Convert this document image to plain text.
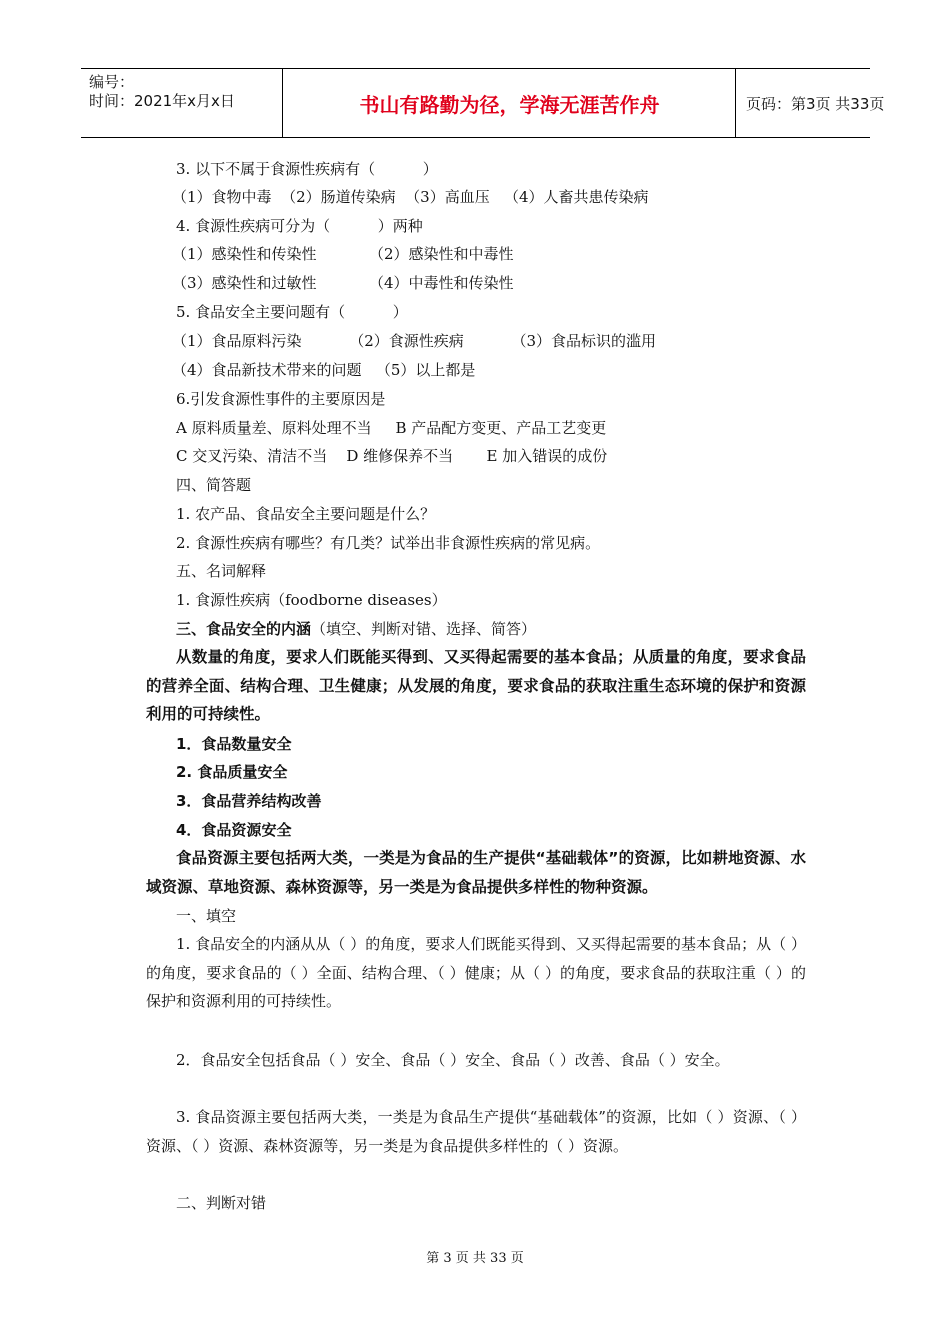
编号：
时间：2021年x月x日	书山有路勤为径，学海无涯苦作舟	页码：第3页 共33页
3. 以下不属于食源性疾病有（          ）
（1）食物中毒  （2）肠道传染病  （3）高血压   （4）人畜共患传染病
4. 食源性疾病可分为（          ）两种
（1）感染性和传染性           （2）感染性和中毒性
（3）感染性和过敏性           （4）中毒性和传染性
5. 食品安全主要问题有（          ）
（1）食品原料污染          （2）食源性疾病          （3）食品标识的滥用
（4）食品新技术带来的问题   （5）以上都是
6.引发食源性事件的主要原因是
A 原料质量差、原料处理不当     B 产品配方变更、产品工艺变更
C 交叉污染、清洁不当    D 维修保养不当       E 加入错误的成份
四、简答题
1. 农产品、食品安全主要问题是什么？
2. 食源性疾病有哪些？有几类？试举出非食源性疾病的常见病。
五、名词解释
1. 食源性疾病（foodborne diseases）
三、食品安全的内涵（填空、判断对错、选择、简答）
从数量的角度，要求人们既能买得到、又买得起需要的基本食品；从质量的角度，要求食品的营养全面、结构合理、卫生健康；从发展的角度，要求食品的获取注重生态环境的保护和资源利用的可持续性。
1．食品数量安全
2. 食品质量安全
3．食品营养结构改善
4．食品资源安全
食品资源主要包括两大类，一类是为食品的生产提供“基础载体”的资源，比如耕地资源、水域资源、草地资源、森林资源等，另一类是为食品提供多样性的物种资源。
一、填空
1. 食品安全的内涵从从（ ）的角度，要求人们既能买得到、又买得起需要的基本食品；从（ ）的角度，要求食品的（ ）全面、结构合理、（ ）健康；从（ ）的角度，要求食品的获取注重（ ）的保护和资源利用的可持续性。
2．食品安全包括食品（ ）安全、食品（ ）安全、食品（ ）改善、食品（ ）安全。
3. 食品资源主要包括两大类，一类是为食品生产提供“基础载体”的资源，比如（ ）资源、（ ）资源、（ ）资源、森林资源等，另一类是为食品提供多样性的（ ）资源。
二、判断对错
第 3 页 共 33 页
